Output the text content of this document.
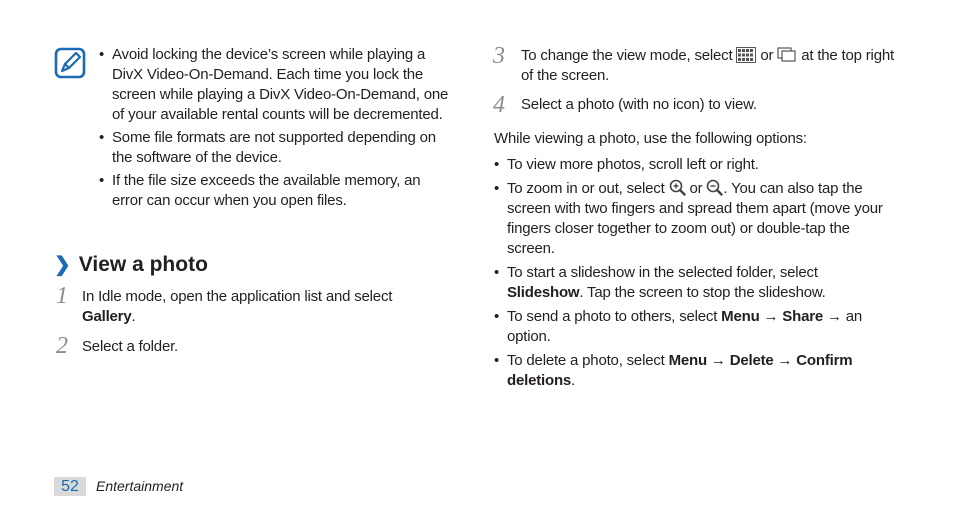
• Avoid locking the device’s screen while playing a DivX Video-On-Demand. Each time you lock the screen while playing a DivX Video-On-Demand, one of your available rental counts will be decremented.
• Some file formats are not supported depending on the software of the device.
• If the file size exceeds the available memory, an error can occur when you open files.
❯ View a photo
1 In Idle mode, open the application list and select Gallery.
2 Select a folder.
52	Entertainment
3 To change the view mode, select  or  at the top right of the screen.
4 Select a photo (with no icon) to view.
While viewing a photo, use the following options:
• To view more photos, scroll left or right.
• To zoom in or out, select  or . You can also tap the screen with two fingers and spread them apart (move your fingers closer together to zoom out) or double-tap the screen.
• To start a slideshow in the selected folder, select Slideshow. Tap the screen to stop the slideshow.
• To send a photo to others, select Menu → Share → an option.
• To delete a photo, select Menu → Delete → Confirm deletions.
